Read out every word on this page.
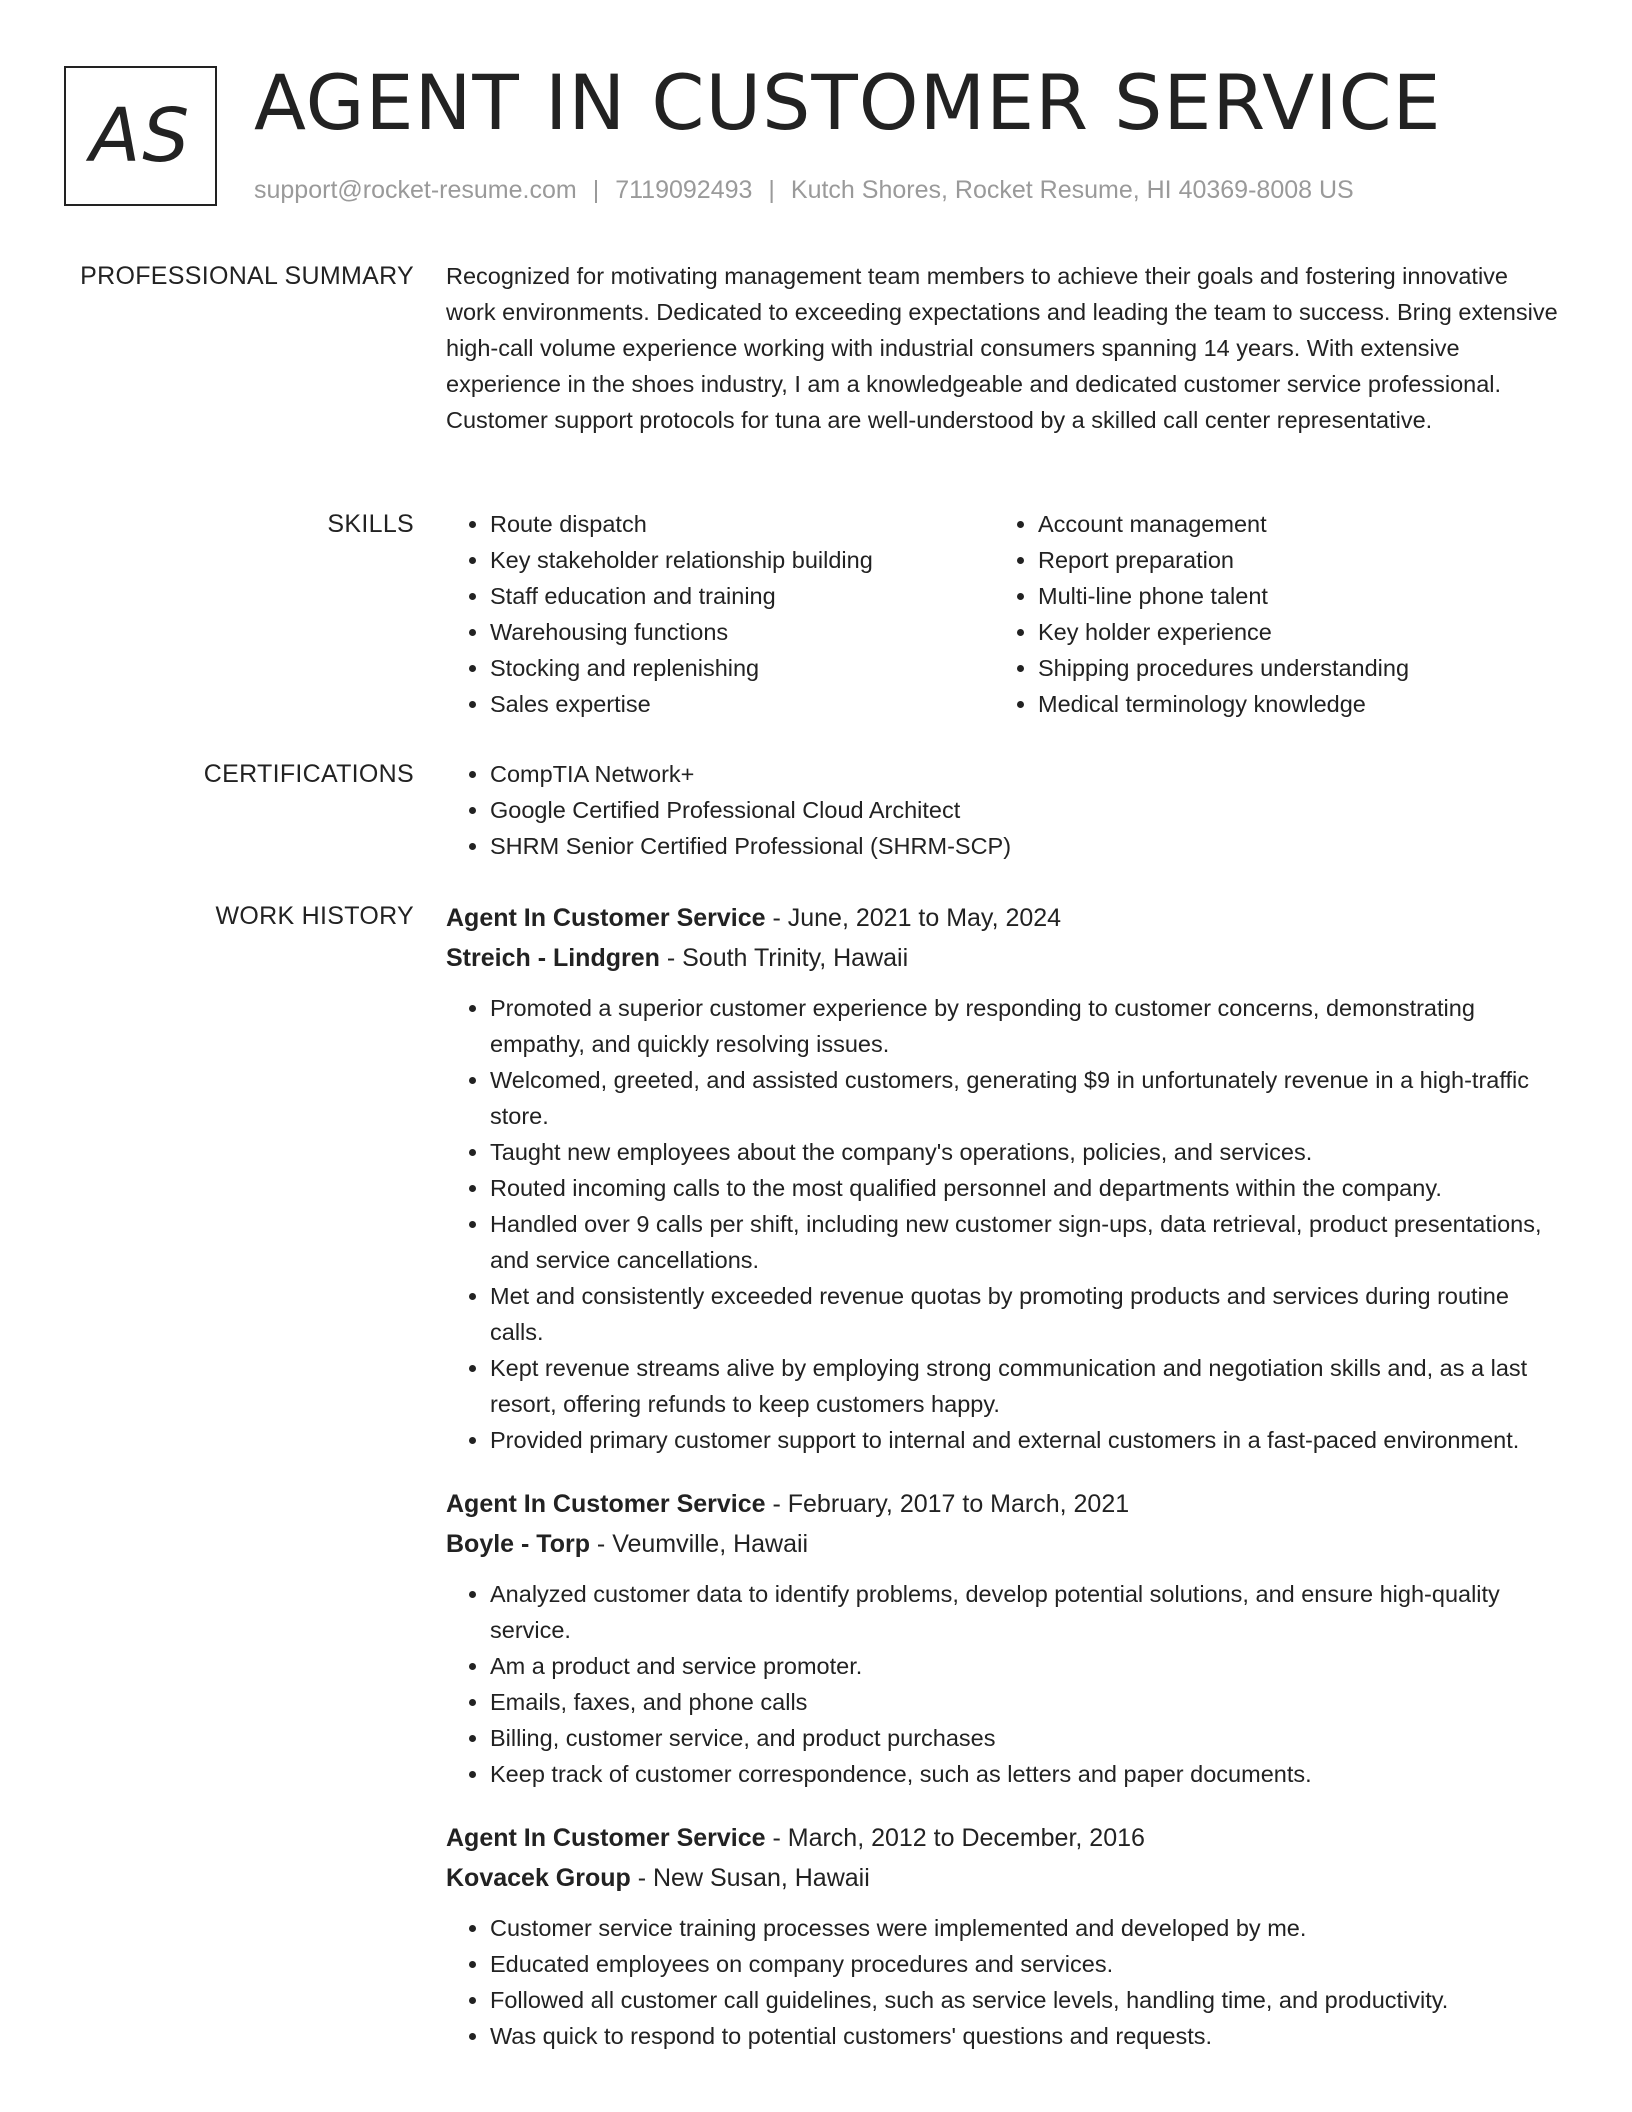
AS AGENT IN CUSTOMER SERVICE
support@rocket-resume.com | 7119092493 | Kutch Shores, Rocket Resume, HI 40369-8008 US
PROFESSIONAL SUMMARY Recognized for motivating management team members to achieve their goals and fostering innovative work environments. Dedicated to exceeding expectations and leading the team to success. Bring extensive high-call volume experience working with industrial consumers spanning 14 years. With extensive experience in the shoes industry, I am a knowledgeable and dedicated customer service professional. Customer support protocols for tuna are well-understood by a skilled call center representative.

SKILLS	• Route dispatch
• Key stakeholder relationship building
• Staff education and training
• Warehousing functions
• Stocking and replenishing
• Sales expertise
• Account management
• Report preparation
• Multi-line phone talent
• Key holder experience
• Shipping procedures understanding
• Medical terminology knowledge
CERTIFICATIONS	• CompTIA Network+
• Google Certified Professional Cloud Architect
• SHRM Senior Certified Professional (SHRM-SCP)
WORK HISTORY Agent In Customer Service - June, 2021 to May, 2024
Streich - Lindgren - South Trinity, Hawaii
• Promoted a superior customer experience by responding to customer concerns, demonstrating empathy, and quickly resolving issues.
• Welcomed, greeted, and assisted customers, generating $9 in unfortunately revenue in a high-traffic store.
• Taught new employees about the company's operations, policies, and services.
• Routed incoming calls to the most qualified personnel and departments within the company.
• Handled over 9 calls per shift, including new customer sign-ups, data retrieval, product presentations, and service cancellations.
• Met and consistently exceeded revenue quotas by promoting products and services during routine calls.
• Kept revenue streams alive by employing strong communication and negotiation skills and, as a last resort, offering refunds to keep customers happy.
• Provided primary customer support to internal and external customers in a fast-paced environment.
Agent In Customer Service - February, 2017 to March, 2021
Boyle - Torp - Veumville, Hawaii
• Analyzed customer data to identify problems, develop potential solutions, and ensure high-quality service.
• Am a product and service promoter.
• Emails, faxes, and phone calls
• Billing, customer service, and product purchases
• Keep track of customer correspondence, such as letters and paper documents.
Agent In Customer Service - March, 2012 to December, 2016
Kovacek Group - New Susan, Hawaii
• Customer service training processes were implemented and developed by me.
• Educated employees on company procedures and services.
• Followed all customer call guidelines, such as service levels, handling time, and productivity.
• Was quick to respond to potential customers' questions and requests.
